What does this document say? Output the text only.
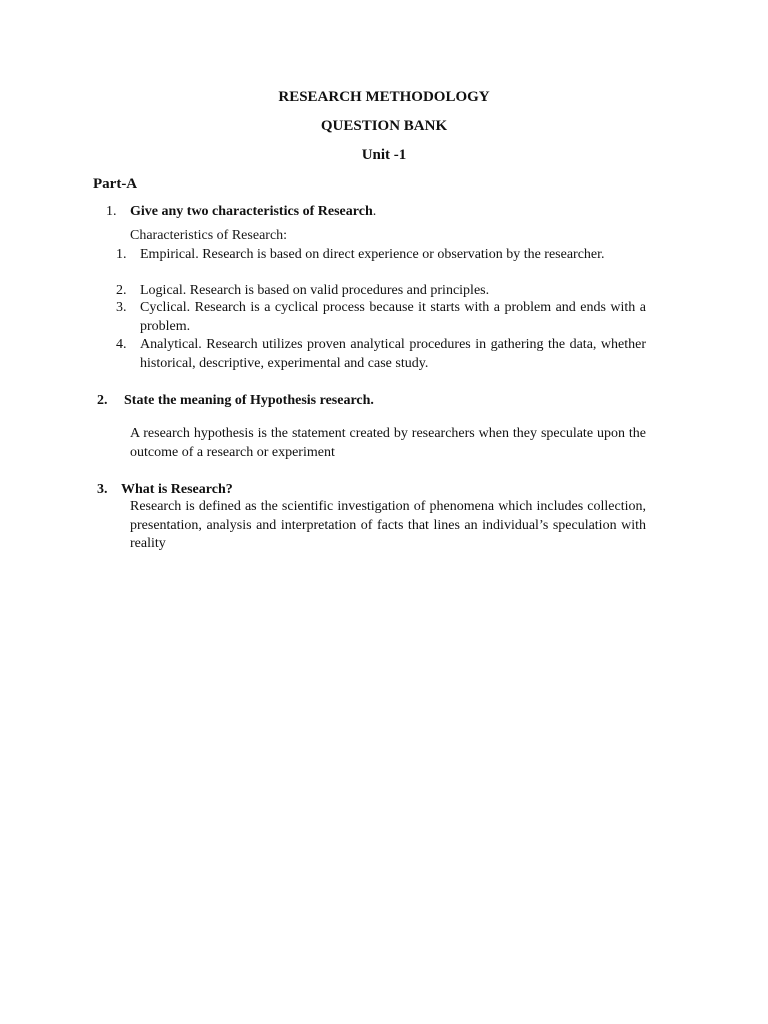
RESEARCH METHODOLOGY
QUESTION BANK
Unit -1
Part-A
1. Give any two characteristics of Research.
Characteristics of Research:
1. Empirical. Research is based on direct experience or observation by the researcher.
2. Logical. Research is based on valid procedures and principles.
3. Cyclical. Research is a cyclical process because it starts with a problem and ends with a problem.
4. Analytical. Research utilizes proven analytical procedures in gathering the data, whether historical, descriptive, experimental and case study.
2. State the meaning of Hypothesis research.
A research hypothesis is the statement created by researchers when they speculate upon the outcome of a research or experiment
3. What is Research?
Research is defined as the scientific investigation of phenomena which includes collection, presentation, analysis and interpretation of facts that lines an individual’s speculation with reality
